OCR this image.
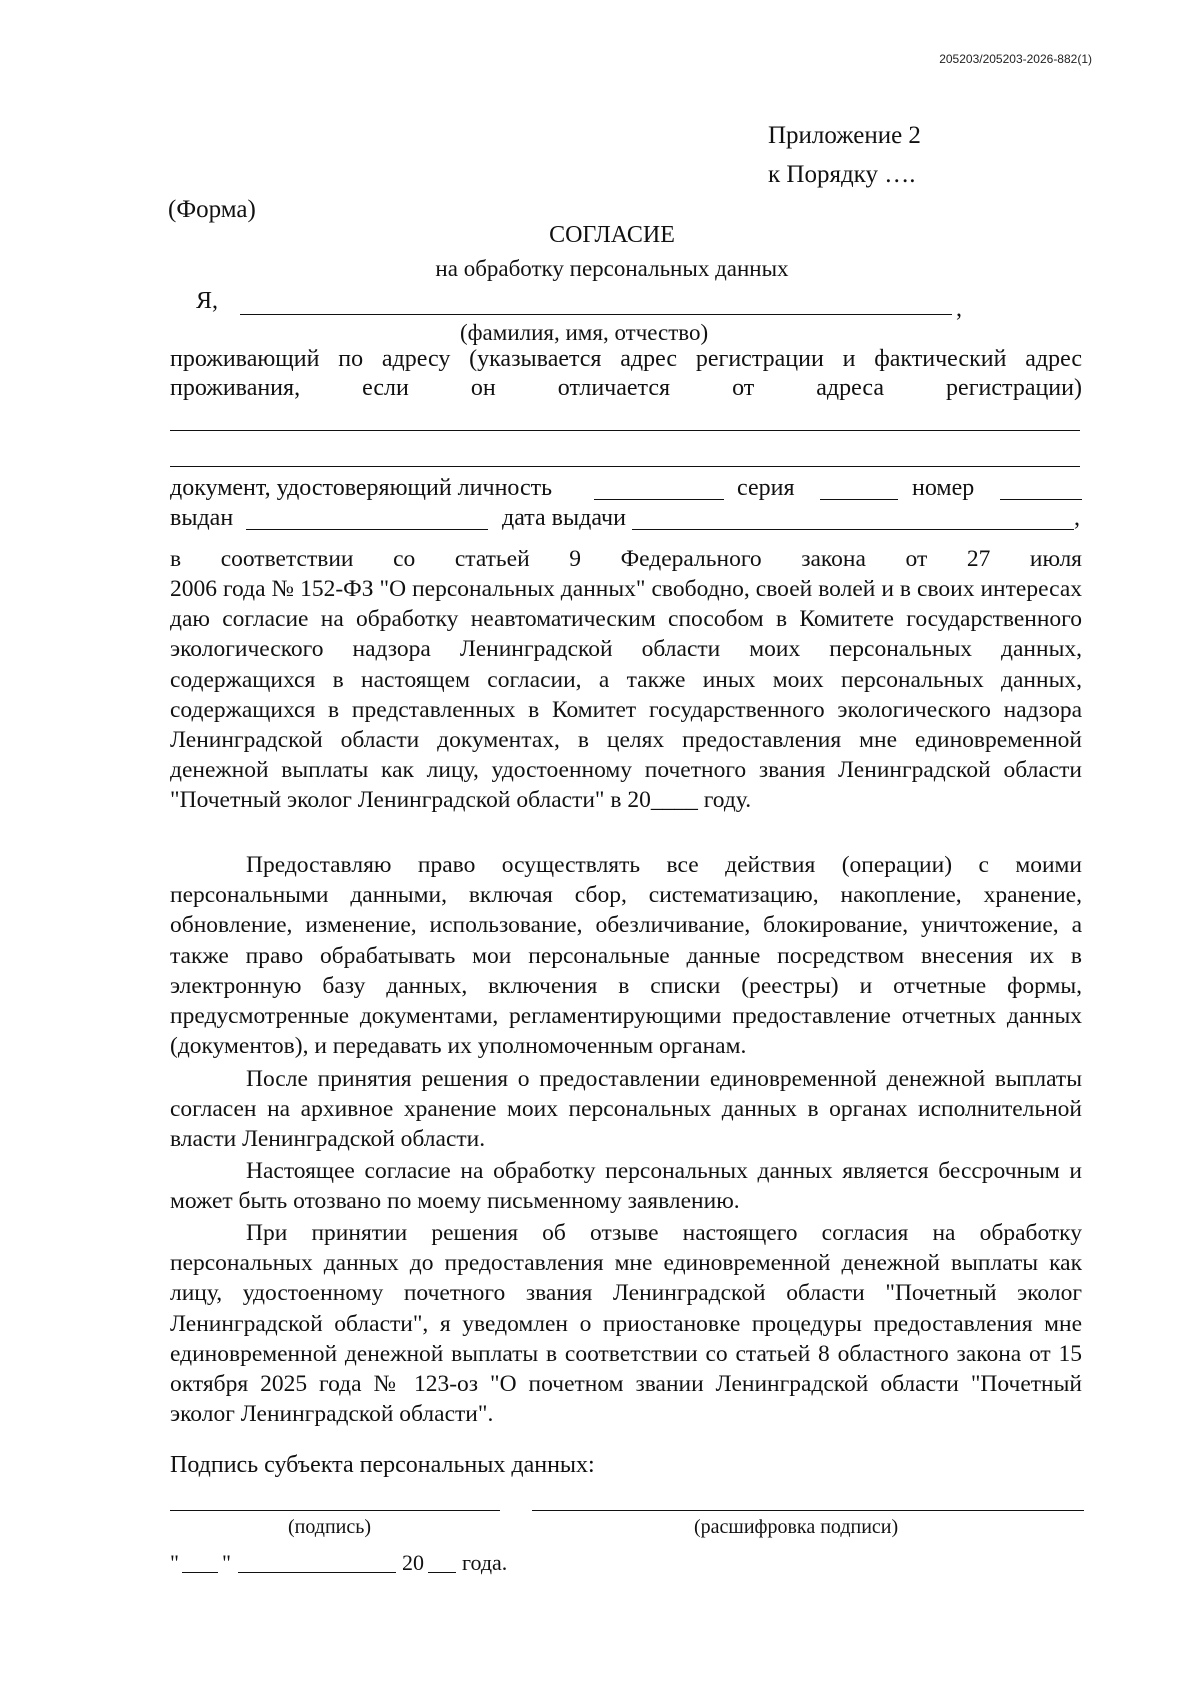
205203/205203-2026-882(1)
Приложение 2
к Порядку ….
(Форма)
СОГЛАСИЕ
на обработку персональных данных
Я,	,
(фамилия, имя, отчество)
проживающий по адресу (указывается адрес регистрации и фактический адрес
проживания, если он отличается от адреса регистрации)
документ, удостоверяющий личность	серия	номер
выдан	дата выдачи	,
в соответствии со статьей 9 Федерального закона от 27 июля
2006 года № 152-ФЗ "О персональных данных" свободно, своей волей и в своих интересах даю согласие на обработку неавтоматическим способом в Комитете государственного экологического надзора Ленинградской области моих персональных данных, содержащихся в настоящем согласии, а также иных моих персональных данных, содержащихся в представленных в Комитет государственного экологического надзора Ленинградской области документах, в целях предоставления мне единовременной денежной выплаты как лицу, удостоенному почетного звания Ленинградской области "Почетный эколог Ленинградской области" в 20____ году.
Предоставляю право осуществлять все действия (операции) с моими персональными данными, включая сбор, систематизацию, накопление, хранение, обновление, изменение, использование, обезличивание, блокирование, уничтожение, а также право обрабатывать мои персональные данные посредством внесения их в электронную базу данных, включения в списки (реестры) и отчетные формы, предусмотренные документами, регламентирующими предоставление отчетных данных (документов), и передавать их уполномоченным органам.
После принятия решения о предоставлении единовременной денежной выплаты согласен на архивное хранение моих персональных данных в органах исполнительной власти Ленинградской области.
Настоящее согласие на обработку персональных данных является бессрочным и может быть отозвано по моему письменному заявлению.
При принятии решения об отзыве настоящего согласия на обработку персональных данных до предоставления мне единовременной денежной выплаты как лицу, удостоенному почетного звания Ленинградской области "Почетный эколог Ленинградской области", я уведомлен о приостановке процедуры предоставления мне единовременной денежной выплаты в соответствии со статьей 8 областного закона от 15 октября 2025 года № 123-оз "О почетном звании Ленинградской области "Почетный эколог Ленинградской области".
Подпись субъекта персональных данных:
(подпись)	(расшифровка подписи)
" "	20 года.
